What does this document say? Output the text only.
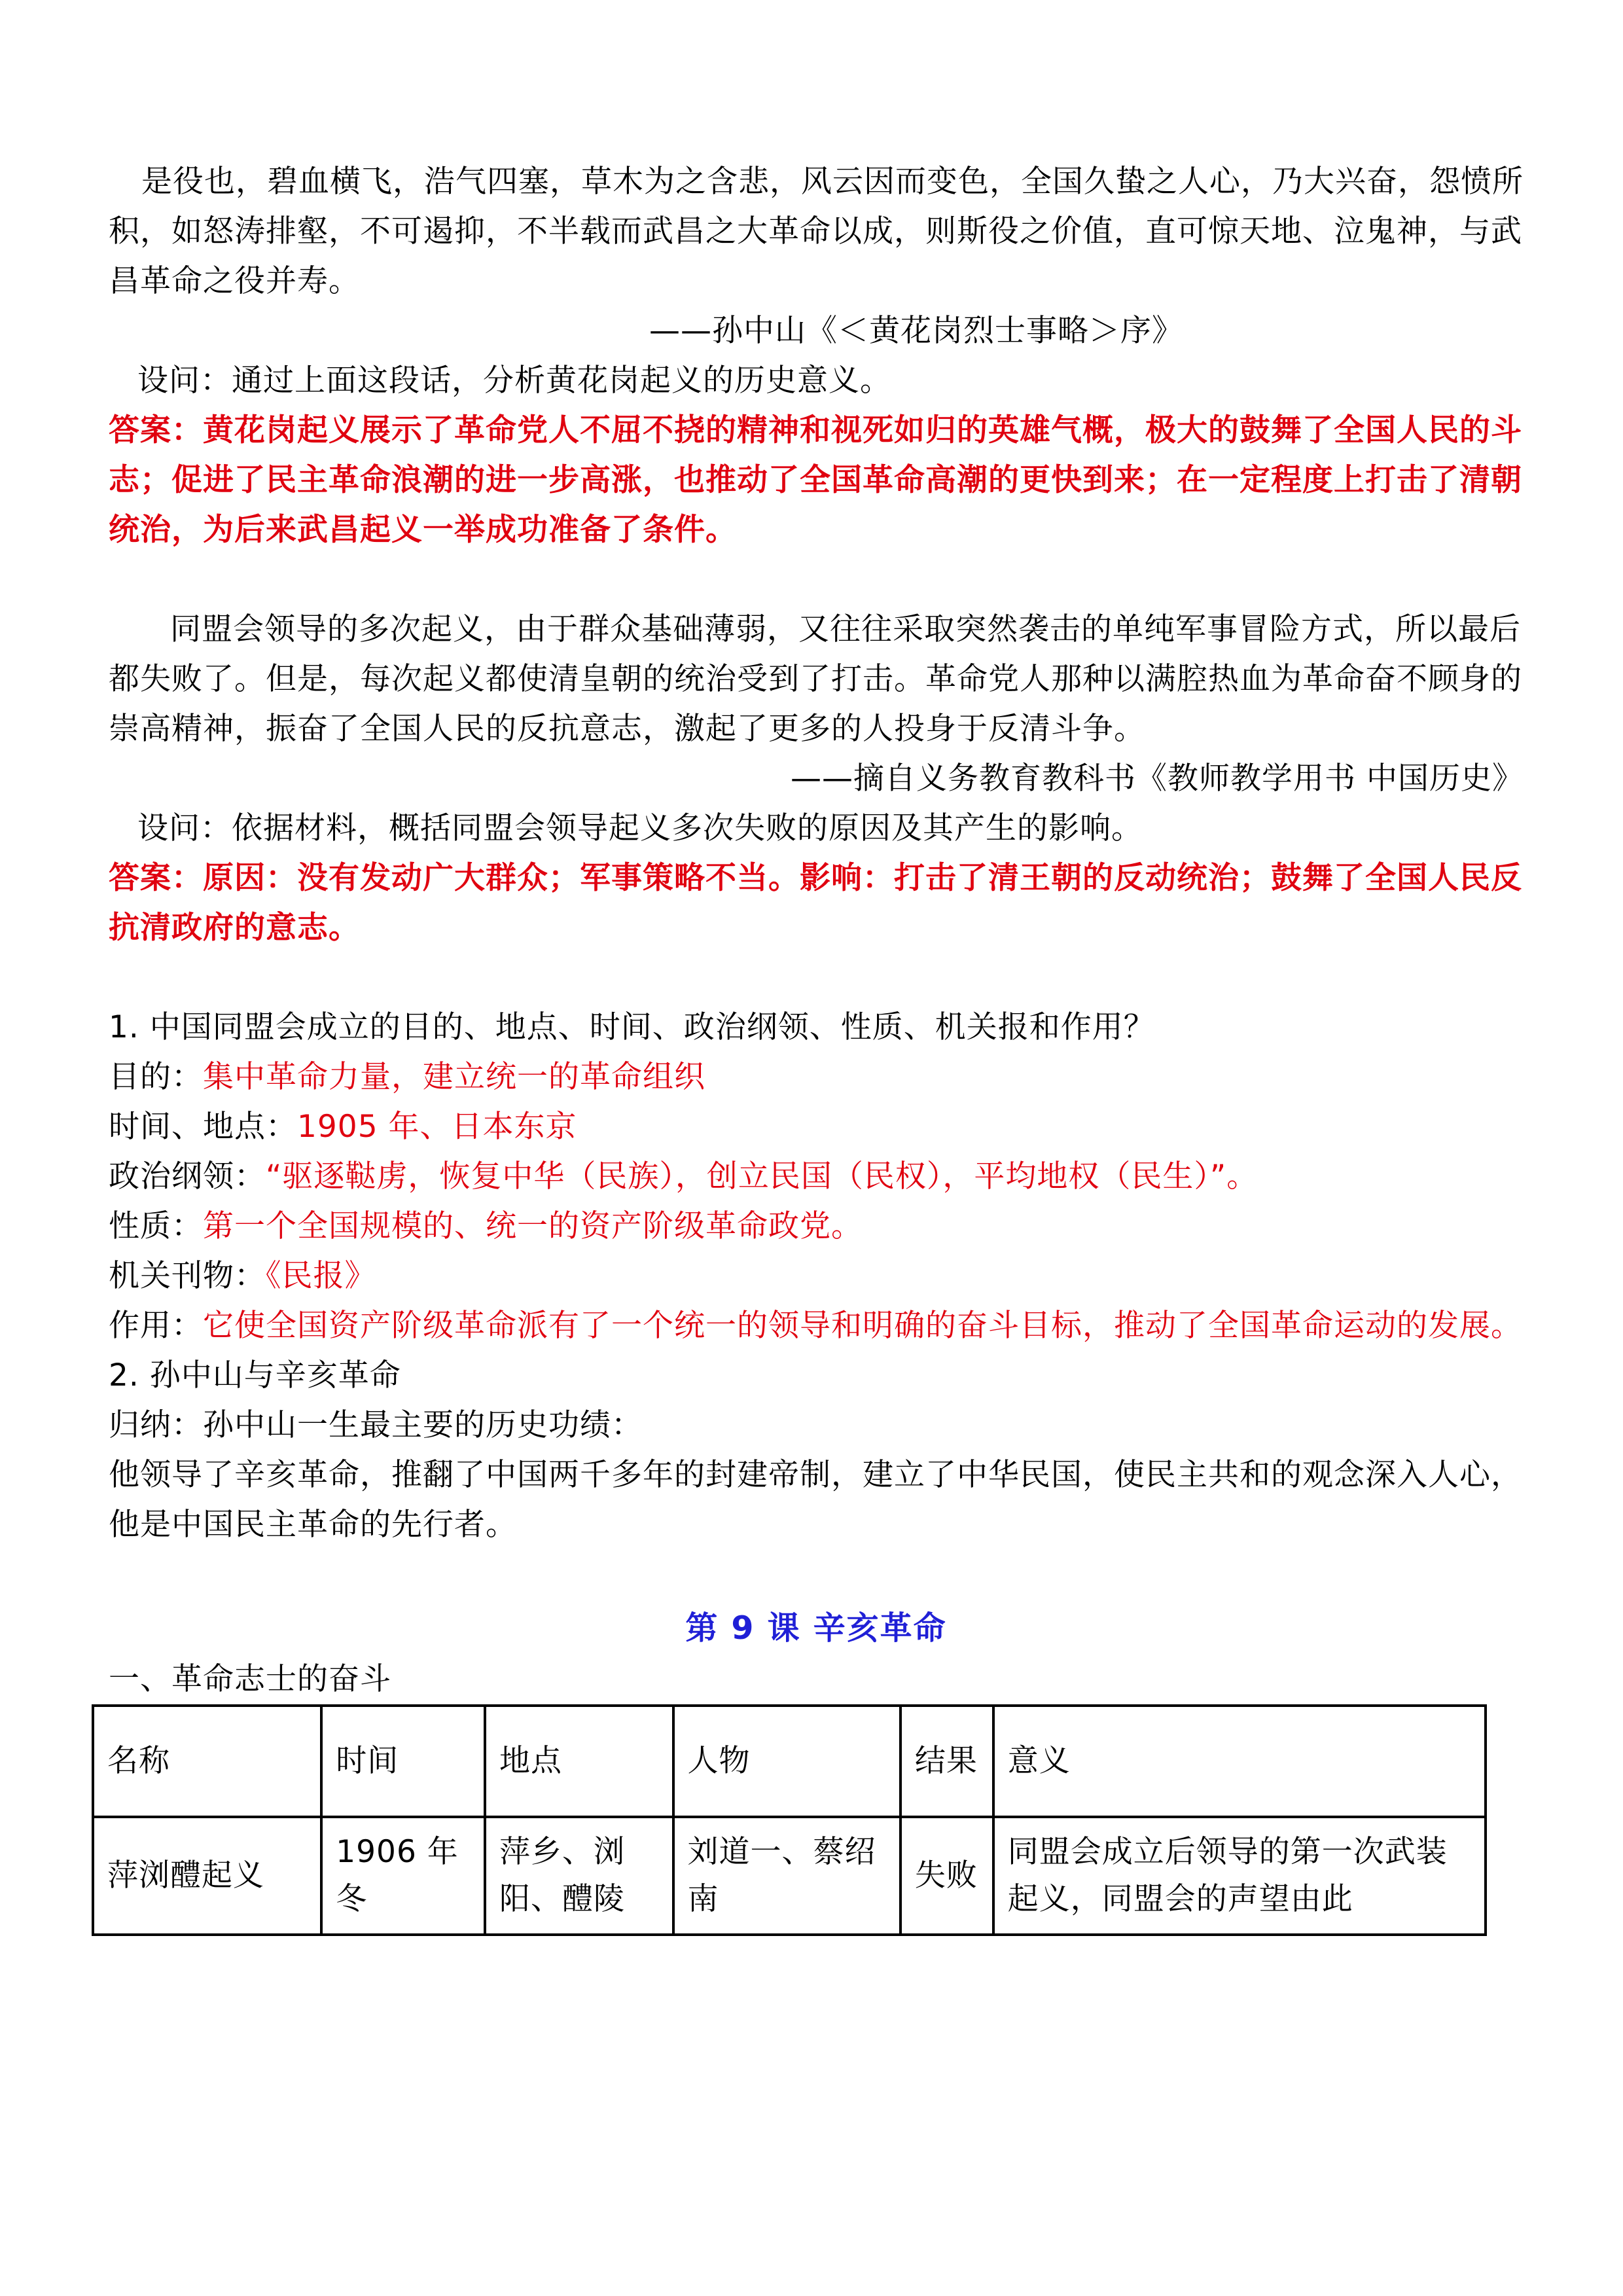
是役也，碧血横飞，浩气四塞，草木为之含悲，风云因而变色，全国久蛰之人心，乃大兴奋，怨愤所积，如怒涛排壑，不可遏抑，不半载而武昌之大革命以成，则斯役之价值，直可惊天地、泣鬼神，与武昌革命之役并寿。

——孙中山《＜黄花岗烈士事略＞序》

设问：通过上面这段话，分析黄花岗起义的历史意义。

答案：黄花岗起义展示了革命党人不屈不挠的精神和视死如归的英雄气概，极大的鼓舞了全国人民的斗志；促进了民主革命浪潮的进一步高涨，也推动了全国革命高潮的更快到来；在一定程度上打击了清朝统治，为后来武昌起义一举成功准备了条件。

同盟会领导的多次起义，由于群众基础薄弱，又往往采取突然袭击的单纯军事冒险方式，所以最后都失败了。但是，每次起义都使清皇朝的统治受到了打击。革命党人那种以满腔热血为革命奋不顾身的崇高精神，振奋了全国人民的反抗意志，激起了更多的人投身于反清斗争。

——摘自义务教育教科书《教师教学用书 中国历史》

设问：依据材料，概括同盟会领导起义多次失败的原因及其产生的影响。

答案：原因：没有发动广大群众；军事策略不当。影响：打击了清王朝的反动统治；鼓舞了全国人民反抗清政府的意志。

1. 中国同盟会成立的目的、地点、时间、政治纲领、性质、机关报和作用？

目的：集中革命力量，建立统一的革命组织

时间、地点：1905 年、日本东京

政治纲领：“驱逐鞑虏，恢复中华（民族），创立民国（民权），平均地权（民生）”。

性质：第一个全国规模的、统一的资产阶级革命政党。

机关刊物：《民报》

作用：它使全国资产阶级革命派有了一个统一的领导和明确的奋斗目标，推动了全国革命运动的发展。

2. 孙中山与辛亥革命

归纳：孙中山一生最主要的历史功绩：

他领导了辛亥革命，推翻了中国两千多年的封建帝制，建立了中华民国，使民主共和的观念深入人心，他是中国民主革命的先行者。

第 9 课 辛亥革命

一、革命志士的奋斗

名称	时间	地点	人物	结果	意义
萍浏醴起义	1906 年冬	萍乡、浏阳、醴陵	刘道一、蔡绍南	失败	同盟会成立后领导的第一次武装起义，同盟会的声望由此
